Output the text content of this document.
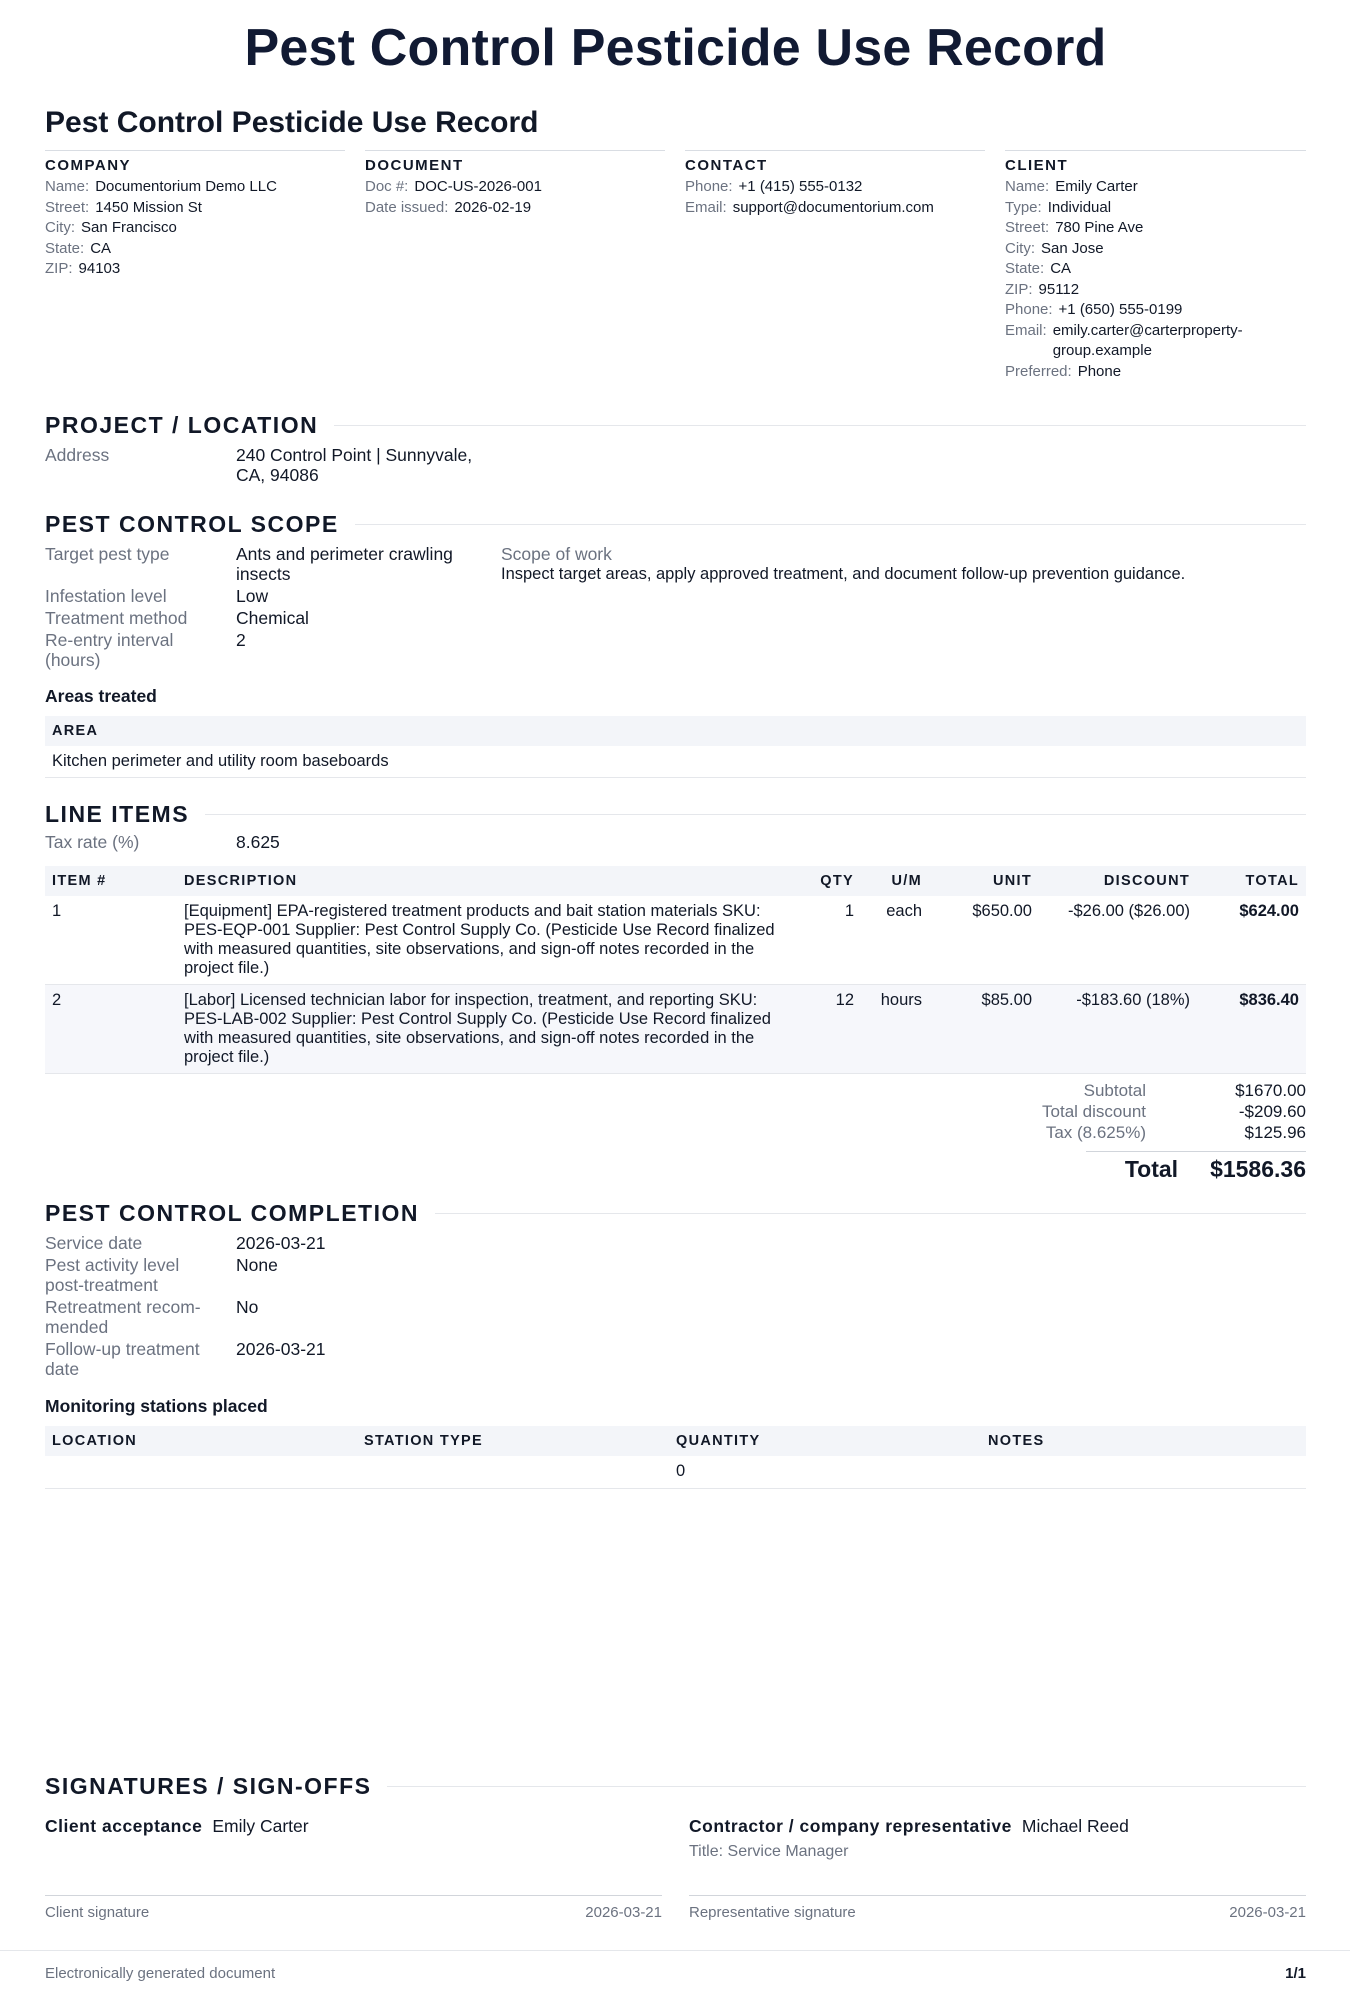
Pest Control Pesticide Use Record
Pest Control Pesticide Use Record
COMPANY
Name: Documentorium Demo LLC
Street: 1450 Mission St
City: San Francisco
State: CA
ZIP: 94103
DOCUMENT
Doc #: DOC-US-2026-001
Date issued: 2026-02-19
CONTACT
Phone: +1 (415) 555-0132
Email: support@documentorium.com
CLIENT
Name: Emily Carter
Type: Individual
Street: 780 Pine Ave
City: San Jose
State: CA
ZIP: 95112
Phone: +1 (650) 555-0199
Email: emily.carter@carterproperty-group.example
Preferred: Phone
PROJECT / LOCATION
Address	240 Control Point | Sunnyvale, CA, 94086
PEST CONTROL SCOPE
Target pest type	Ants and perimeter crawling insects
Infestation level	Low
Treatment method	Chemical
Re-entry interval (hours)
2
Scope of work
Inspect target areas, apply approved treatment, and document follow-up prevention guidance.
Areas treated
AREA
Kitchen perimeter and utility room baseboards
LINE ITEMS
Tax rate (%)	8.625
ITEM #	DESCRIPTION	QTY	U/M	UNIT	DISCOUNT	TOTAL
1	[Equipment] EPA-registered treatment products and bait station materials SKU: PES-EQP-001 Supplier: Pest Control Supply Co. (Pesticide Use Record finalized with measured quantities, site observations, and sign-off notes recorded in the project file.)	1	each	$650.00	-$26.00 ($26.00)	$624.00
2	[Labor] Licensed technician labor for inspection, treatment, and reporting SKU: PES-LAB-002 Supplier: Pest Control Supply Co. (Pesticide Use Record finalized with measured quantities, site observations, and sign-off notes recorded in the project file.)	12	hours	$85.00	-$183.60 (18%)	$836.40
Subtotal	$1670.00
Total discount	-$209.60
Tax (8.625%)	$125.96
Total $1586.36
PEST CONTROL COMPLETION
Service date	2026-03-21
Pest activity level post-treatment
None
Retreatment recom-mended
No
Follow-up treatment date
2026-03-21
Monitoring stations placed
LOCATION	STATION TYPE	QUANTITY	NOTES
		0	
SIGNATURES / SIGN-OFFS
Client acceptance Emily Carter	Contractor / company representative Michael Reed
Title: Service Manager
Client signature	2026-03-21 Representative signature	2026-03-21
Electronically generated document	1/1
